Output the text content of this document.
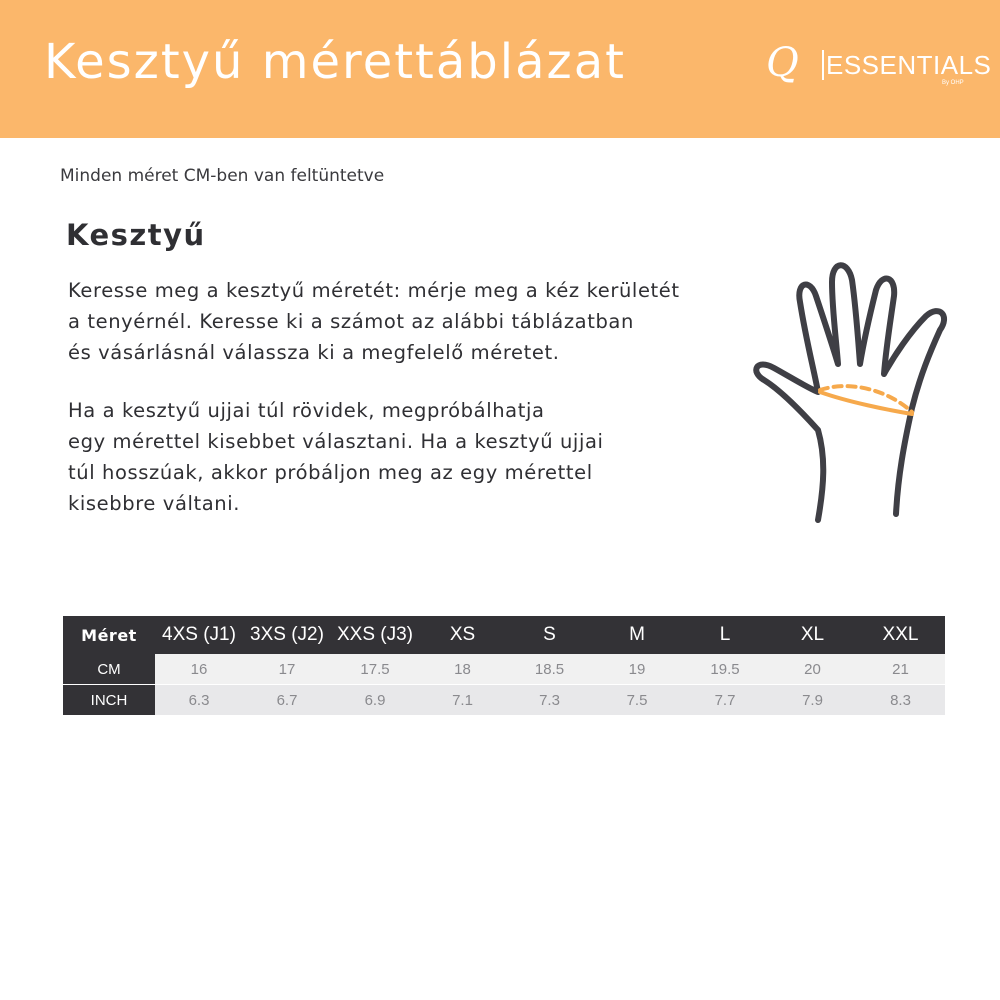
Kesztyű mérettáblázat	Q ESSENTIALS
By OHP
Minden méret CM-ben van feltüntetve
Kesztyű
Keresse meg a kesztyű méretét: mérje meg a kéz kerületét
a tenyérnél. Keresse ki a számot az alábbi táblázatban
és vásárlásnál válassza ki a megfelelő méretet.
Ha a kesztyű ujjai túl rövidek, megpróbálhatja
egy mérettel kisebbet választani. Ha a kesztyű ujjai
túl hosszúak, akkor próbáljon meg az egy mérettel
kisebbre váltani.
Méret	4XS (J1)	3XS (J2)	XXS (J3)	XS	S	M	L	XL	XXL
CM	16	17	17.5	18	18.5	19	19.5	20	21
INCH	6.3	6.7	6.9	7.1	7.3	7.5	7.7	7.9	8.3
